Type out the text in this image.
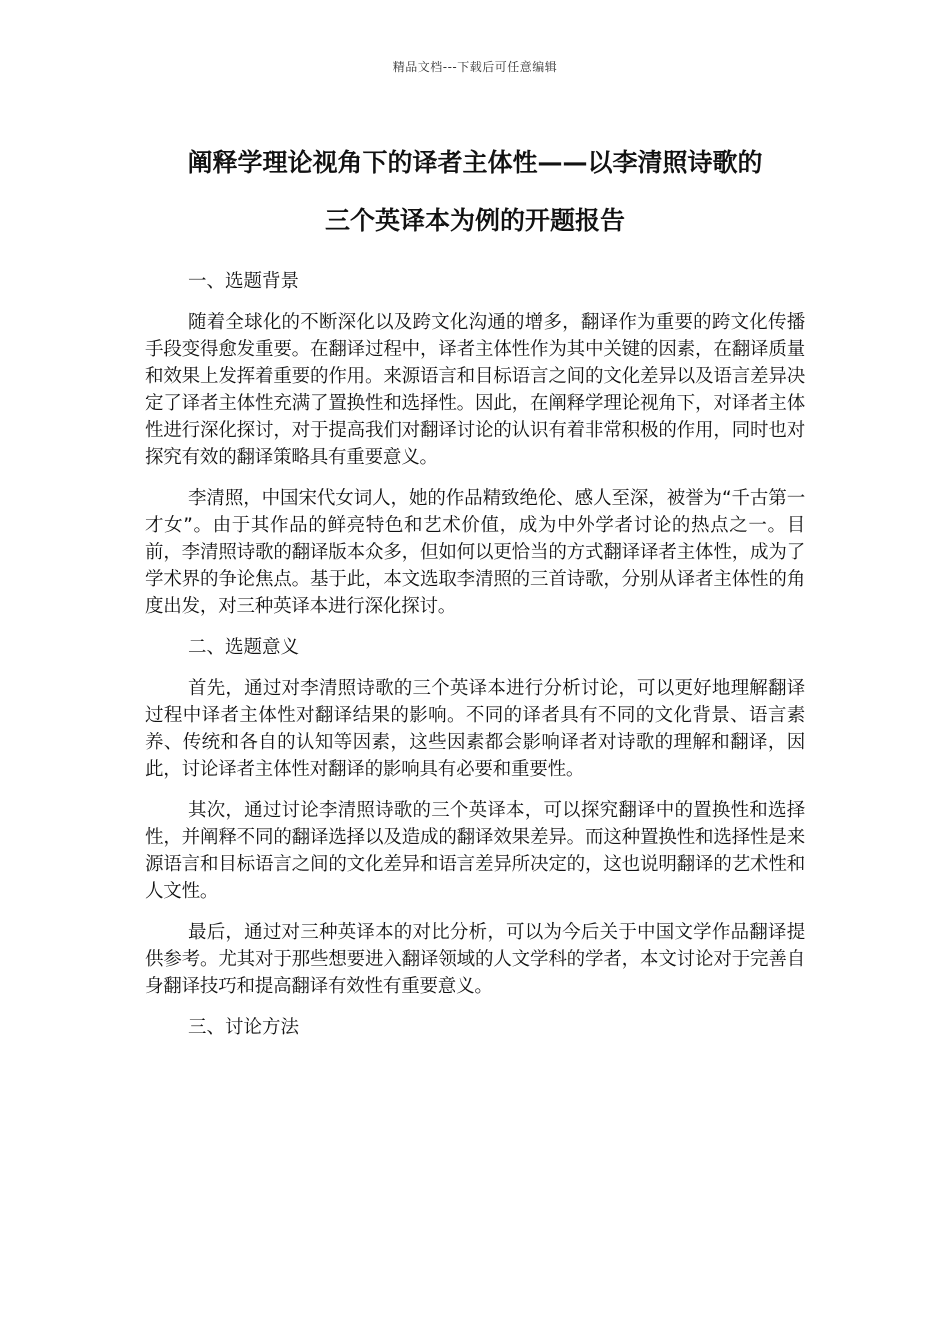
精品文档---下载后可任意编辑
阐释学理论视角下的译者主体性——以李清照诗歌的
三个英译本为例的开题报告
一、选题背景
随着全球化的不断深化以及跨文化沟通的增多，翻译作为重要的跨文化传播手段变得愈发重要。在翻译过程中，译者主体性作为其中关键的因素，在翻译质量和效果上发挥着重要的作用。来源语言和目标语言之间的文化差异以及语言差异决定了译者主体性充满了置换性和选择性。因此，在阐释学理论视角下，对译者主体性进行深化探讨，对于提高我们对翻译讨论的认识有着非常积极的作用，同时也对探究有效的翻译策略具有重要意义。
李清照，中国宋代女词人，她的作品精致绝伦、感人至深，被誉为“千古第一才女”。由于其作品的鲜亮特色和艺术价值，成为中外学者讨论的热点之一。目前，李清照诗歌的翻译版本众多，但如何以更恰当的方式翻译译者主体性，成为了学术界的争论焦点。基于此，本文选取李清照的三首诗歌，分别从译者主体性的角度出发，对三种英译本进行深化探讨。
二、选题意义
首先，通过对李清照诗歌的三个英译本进行分析讨论，可以更好地理解翻译过程中译者主体性对翻译结果的影响。不同的译者具有不同的文化背景、语言素养、传统和各自的认知等因素，这些因素都会影响译者对诗歌的理解和翻译，因此，讨论译者主体性对翻译的影响具有必要和重要性。
其次，通过讨论李清照诗歌的三个英译本，可以探究翻译中的置换性和选择性，并阐释不同的翻译选择以及造成的翻译效果差异。而这种置换性和选择性是来源语言和目标语言之间的文化差异和语言差异所决定的，这也说明翻译的艺术性和人文性。
最后，通过对三种英译本的对比分析，可以为今后关于中国文学作品翻译提供参考。尤其对于那些想要进入翻译领域的人文学科的学者，本文讨论对于完善自身翻译技巧和提高翻译有效性有重要意义。
三、讨论方法
